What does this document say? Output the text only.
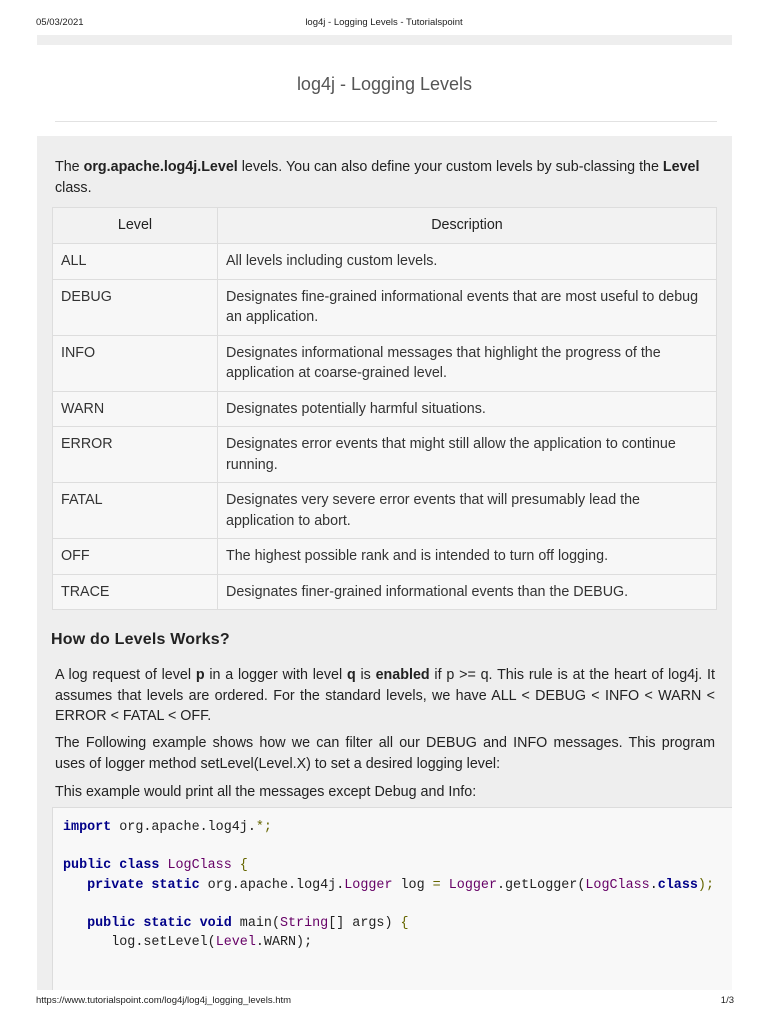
05/03/2021	log4j - Logging Levels - Tutorialspoint
log4j - Logging Levels

The org.apache.log4j.Level levels. You can also define your custom levels by sub-classing the Level class.

Level	Description
ALL	All levels including custom levels.
DEBUG	Designates fine-grained informational events that are most useful to debug an application.
INFO	Designates informational messages that highlight the progress of the application at coarse-grained level.
WARN	Designates potentially harmful situations.
ERROR	Designates error events that might still allow the application to continue running.
FATAL	Designates very severe error events that will presumably lead the application to abort.
OFF	The highest possible rank and is intended to turn off logging.
TRACE	Designates finer-grained informational events than the DEBUG.
How do Levels Works?

A log request of level p in a logger with level q is enabled if p >= q. This rule is at the heart of log4j. It assumes that levels are ordered. For the standard levels, we have ALL < DEBUG < INFO < WARN < ERROR < FATAL < OFF.

The Following example shows how we can filter all our DEBUG and INFO messages. This program uses of logger method setLevel(Level.X) to set a desired logging level:

This example would print all the messages except Debug and Info:

import org.apache.log4j.*;

public class LogClass {
private static org.apache.log4j.Logger log = Logger.getLogger(LogClass.class);

public static void main(String[] args) {
log.setLevel(Level.WARN);
https://www.tutorialspoint.com/log4j/log4j_logging_levels.htm	1/3
